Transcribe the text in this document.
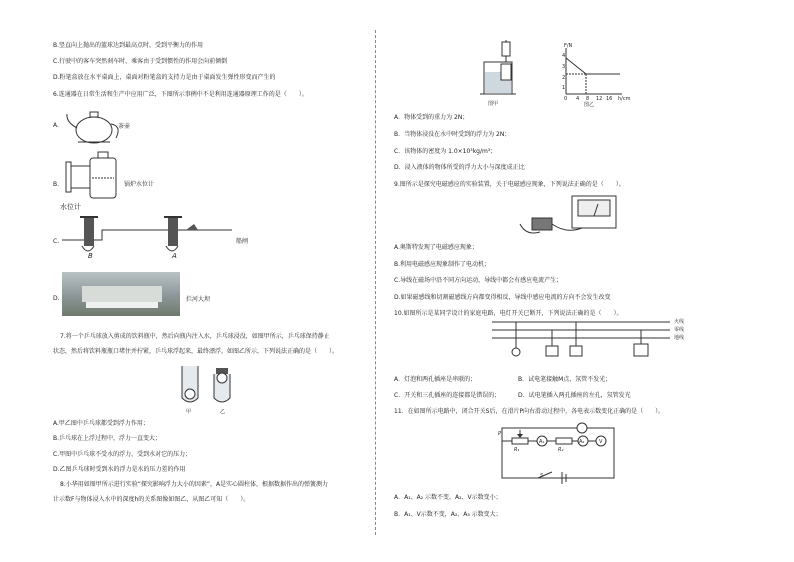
B.竖直向上抛出的篮球达到最高点时，受到平衡力的作用
C.行驶中的客车突然刹车时，乘客由于受到惯性的作用会向前倾倒
D.粉笔盒放在水平桌面上，桌面对粉笔盒的支持力是由于桌面发生弹性形变而产生的
6.连通器在日常生活和生产中应用广泛，下图所示事例中不是利用连通器原理工作的是（　　）。
A.	茶壶
B.	锅炉水位计
水位计
C.
B	A
船闸
D.	拦河大坝
7.将一个乒乓球放入剪成的饮料瓶中，然后向瓶内注入水，乒乓球浸没，如图甲所示，乒乓球保持静止
状态，然后将饮料瓶瓶口堵住并拧紧，乒乓球浮起来，最终漂浮，如图乙所示，下列说法正确的是（　　）。
甲	乙
A.甲乙图中乒乓球都受到浮力作用；
B.乒乓球在上浮过程中，浮力一直变大；
C.甲图中乒乓球不受水的浮力，受到水对它的压力；
D.乙图乒乓球时受到水的浮力是水的压力差的作用
8.小华用如图甲所示进行实验“探究影响浮力大小的因素”，A是实心圆柱体，根据数据作出的弹簧测力
计示数F与物体浸入水中的深度h的关系图像如图乙，从图乙可知（　　）。
图甲
F/N
4
3
2
1
0 4 8 12 16 h/cm
图乙
A．物体受到的重力为 2N；
B．当物体浸没在水中时受到的浮力为 2N；
C．该物体的密度为 1.0×10³kg/m³；
D．浸入液体的物体所受的浮力大小与深度成正比
9.图所示是探究电磁感应的实验装置，关于电磁感应现象，下列说法正确的是（　　）。
A.奥斯特发现了电磁感应现象；
B.利用电磁感应现象制作了电动机；
C.导线在磁场中沿不同方向运动，导线中都会有感应电流产生；
D.如果磁感线和切割磁感线方向都变得相反，导线中感应电流的方向不会发生改变
10.如图所示是某同学设计的家庭电路，电灯开关已断开，下列说法正确的是（　　）。
火线
零线
地线
A．灯泡和两孔插座是串联的；	B．试电笔接触M点，氖管不发光；
C．开关和三孔插座的连接都是错误的；	D．试电笔插入两孔插座的左孔，氖管发光
11．在如图所示电路中，闭合开关S后，在滑片P向右滑动过程中，各电表示数变化正确的是（　　）。
P
R₁	R₂
A₁	A₂	V
S
A．A₁、A₂ 示数不变，A₂、V示数变小；
B．A₁、V示数不变，A₂、A₃ 示数变大；
